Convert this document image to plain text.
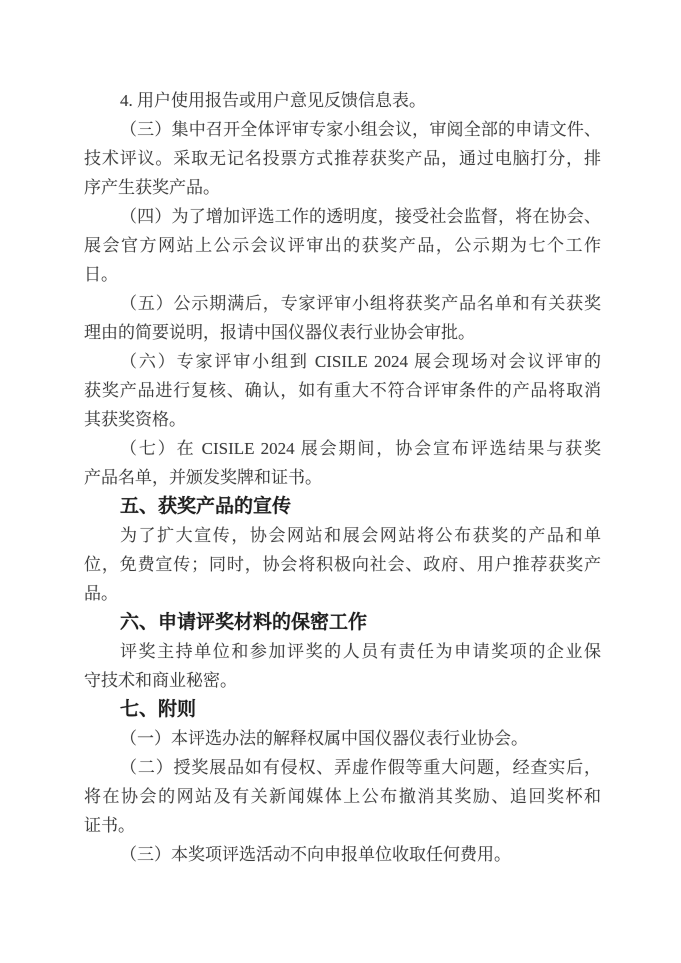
4. 用户使用报告或用户意见反馈信息表。
（三）集中召开全体评审专家小组会议，审阅全部的申请文件、
技术评议。采取无记名投票方式推荐获奖产品，通过电脑打分，排
序产生获奖产品。
（四）为了增加评选工作的透明度，接受社会监督，将在协会、
展会官方网站上公示会议评审出的获奖产品，公示期为七个工作
日。
（五）公示期满后，专家评审小组将获奖产品名单和有关获奖
理由的简要说明，报请中国仪器仪表行业协会审批。
（六）专家评审小组到 CISILE 2024 展会现场对会议评审的
获奖产品进行复核、确认，如有重大不符合评审条件的产品将取消
其获奖资格。
（七）在 CISILE 2024 展会期间，协会宣布评选结果与获奖
产品名单，并颁发奖牌和证书。
五、获奖产品的宣传
为了扩大宣传，协会网站和展会网站将公布获奖的产品和单
位，免费宣传；同时，协会将积极向社会、政府、用户推荐获奖产
品。
六、申请评奖材料的保密工作
评奖主持单位和参加评奖的人员有责任为申请奖项的企业保
守技术和商业秘密。
七、附则
（一）本评选办法的解释权属中国仪器仪表行业协会。
（二）授奖展品如有侵权、弄虚作假等重大问题，经查实后，
将在协会的网站及有关新闻媒体上公布撤消其奖励、追回奖杯和
证书。
（三）本奖项评选活动不向申报单位收取任何费用。
